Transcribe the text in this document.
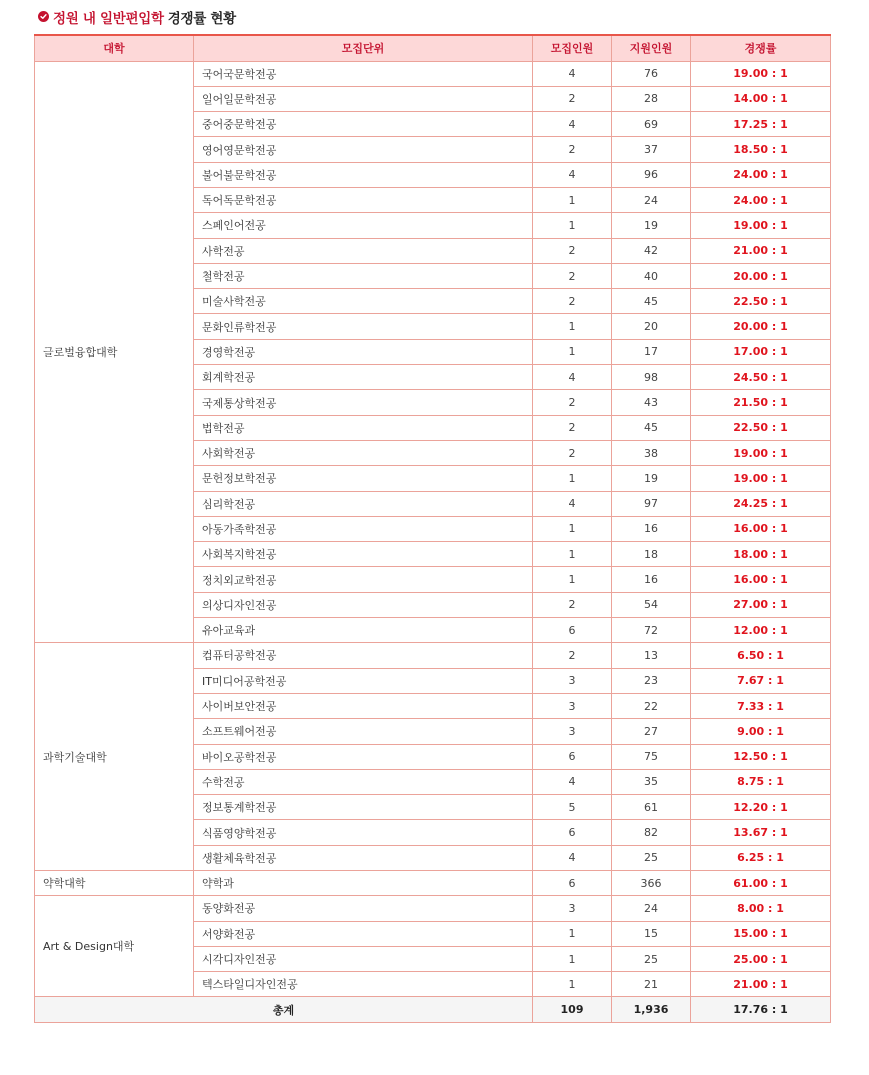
정원 내 일반편입학 경쟁률 현황
대학	모집단위	모집인원	지원인원	경쟁률
글로벌융합대학	국어국문학전공	4	76	19.00 : 1
	일어일문학전공	2	28	14.00 : 1
	중어중문학전공	4	69	17.25 : 1
	영어영문학전공	2	37	18.50 : 1
	불어불문학전공	4	96	24.00 : 1
	독어독문학전공	1	24	24.00 : 1
	스페인어전공	1	19	19.00 : 1
	사학전공	2	42	21.00 : 1
	철학전공	2	40	20.00 : 1
	미술사학전공	2	45	22.50 : 1
	문화인류학전공	1	20	20.00 : 1
	경영학전공	1	17	17.00 : 1
	회계학전공	4	98	24.50 : 1
	국제통상학전공	2	43	21.50 : 1
	법학전공	2	45	22.50 : 1
	사회학전공	2	38	19.00 : 1
	문헌정보학전공	1	19	19.00 : 1
	심리학전공	4	97	24.25 : 1
	아동가족학전공	1	16	16.00 : 1
	사회복지학전공	1	18	18.00 : 1
	정치외교학전공	1	16	16.00 : 1
	의상디자인전공	2	54	27.00 : 1
	유아교육과	6	72	12.00 : 1
과학기술대학	컴퓨터공학전공	2	13	6.50 : 1
	IT미디어공학전공	3	23	7.67 : 1
	사이버보안전공	3	22	7.33 : 1
	소프트웨어전공	3	27	9.00 : 1
	바이오공학전공	6	75	12.50 : 1
	수학전공	4	35	8.75 : 1
	정보통계학전공	5	61	12.20 : 1
	식품영양학전공	6	82	13.67 : 1
	생활체육학전공	4	25	6.25 : 1
약학대학	약학과	6	366	61.00 : 1
Art & Design대학	동양화전공	3	24	8.00 : 1
	서양화전공	1	15	15.00 : 1
	시각디자인전공	1	25	25.00 : 1
	텍스타일디자인전공	1	21	21.00 : 1
총계		109	1,936	17.76 : 1
